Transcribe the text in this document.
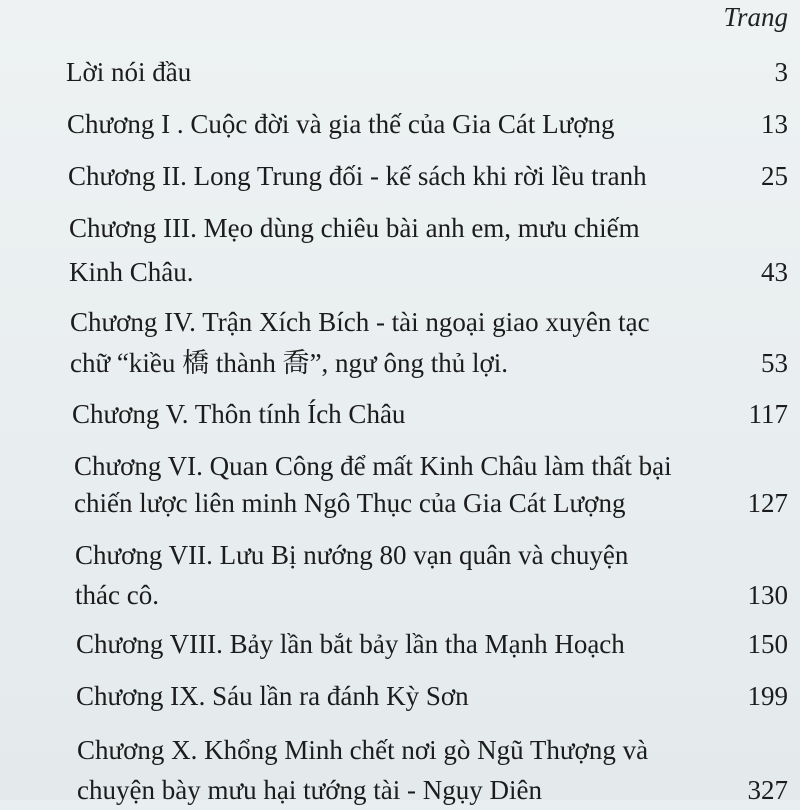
Trang
Lời nói đầu	3
Chương I . Cuộc đời và gia thế của Gia Cát Lượng	13
Chương II. Long Trung đối - kế sách khi rời lều tranh	25
Chương III. Mẹo dùng chiêu bài anh em, mưu chiếm
Kinh Châu.	43
Chương IV. Trận Xích Bích - tài ngoại giao xuyên tạc
chữ “kiều 橋 thành 喬”, ngư ông thủ lợi.	53
Chương V. Thôn tính Ích Châu	117
Chương VI. Quan Công để mất Kinh Châu làm thất bại
chiến lược liên minh Ngô Thục của Gia Cát Lượng	127
Chương VII. Lưu Bị nướng 80 vạn quân và chuyện
thác cô.	130
Chương VIII. Bảy lần bắt bảy lần tha Mạnh Hoạch	150
Chương IX. Sáu lần ra đánh Kỳ Sơn	199
Chương X. Khổng Minh chết nơi gò Ngũ Thượng và
chuyện bày mưu hại tướng tài - Ngụy Diên	327
